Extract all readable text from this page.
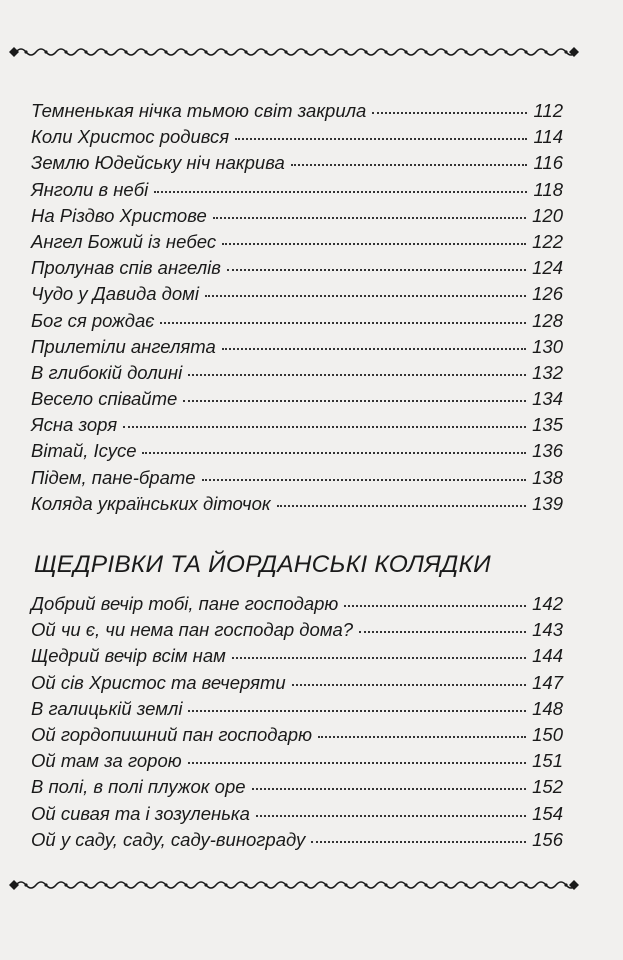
Темненькая нічка тьмою світ закрила	112
Коли Христос родився	114
Землю Юдейську ніч накрива	116
Янголи в небі	118
На Різдво Христове	120
Ангел Божий із небес	122
Пролунав спів ангелів	124
Чудо у Давида домі	126
Бог ся рождає	128
Прилетіли ангелята	130
В глибокій долині	132
Весело співайте	134
Ясна зоря	135
Вітай, Ісусе	136
Підем, пане-брате	138
Коляда українських діточок	139
ЩЕДРІВКИ ТА ЙОРДАНСЬКІ КОЛЯДКИ
Добрий вечір тобі, пане господарю	142
Ой чи є, чи нема пан господар дома?	143
Щедрий вечір всім нам	144
Ой сів Христос та вечеряти	147
В галицькій землі	148
Ой гордопишний пан господарю	150
Ой там за горою	151
В полі, в полі плужок оре	152
Ой сивая та і зозуленька	154
Ой у саду, саду, саду-винограду	156
